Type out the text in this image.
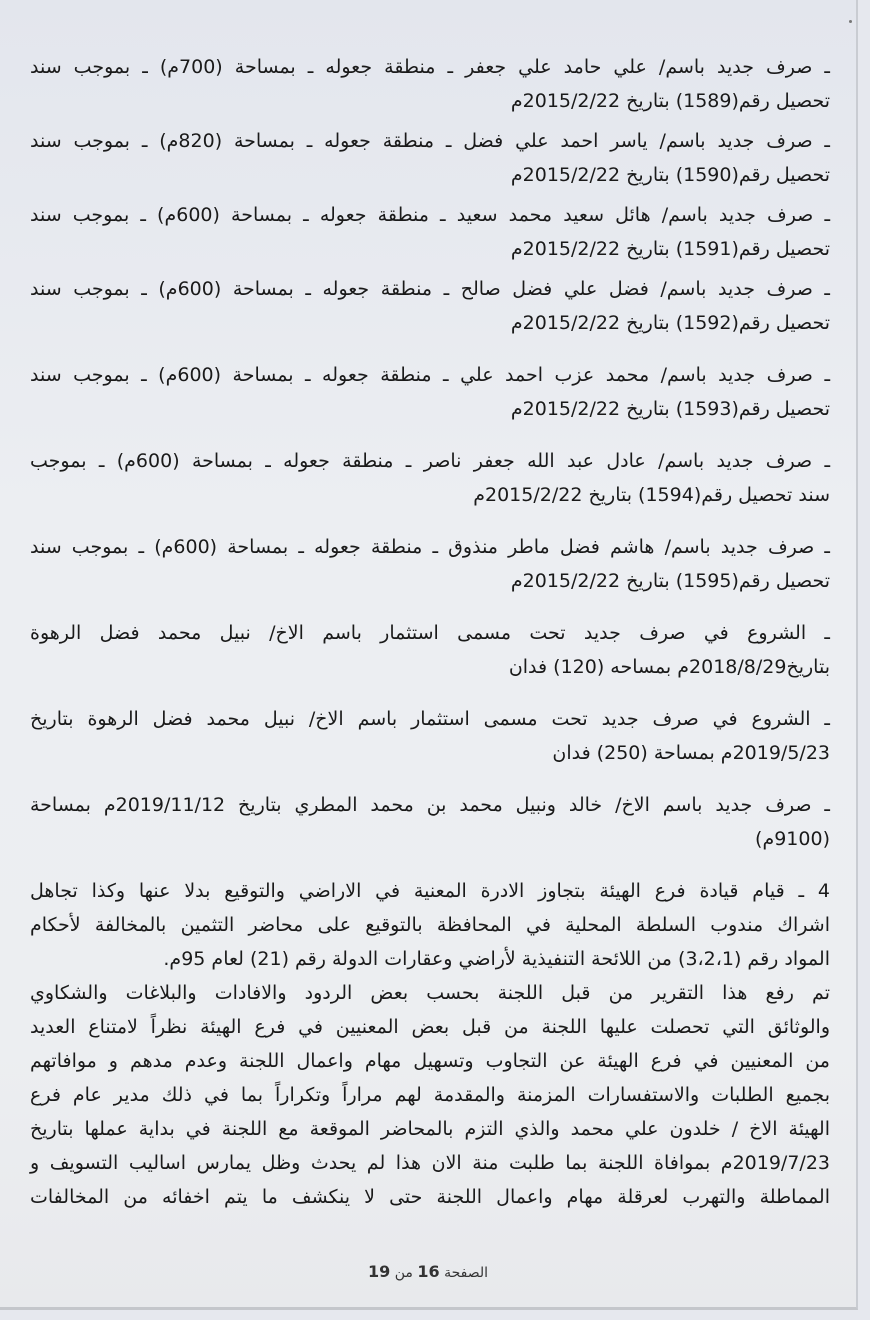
ـ صرف جديد باسم/ علي حامد علي جعفر ـ منطقة جعوله ـ بمساحة (700م) ـ بموجب سند
تحصيل رقم(1589) بتاريخ 2015/2/22م

ـ صرف جديد باسم/ ياسر احمد علي فضل ـ منطقة جعوله ـ بمساحة (820م) ـ بموجب سند
تحصيل رقم(1590) بتاريخ 2015/2/22م

ـ صرف جديد باسم/ هائل سعيد محمد سعيد ـ منطقة جعوله ـ بمساحة (600م) ـ بموجب سند
تحصيل رقم(1591) بتاريخ 2015/2/22م

ـ صرف جديد باسم/ فضل علي فضل صالح ـ منطقة جعوله ـ بمساحة (600م) ـ بموجب سند
تحصيل رقم(1592) بتاريخ 2015/2/22م

ـ صرف جديد باسم/ محمد عزب احمد علي ـ منطقة جعوله ـ بمساحة (600م) ـ بموجب سند
تحصيل رقم(1593) بتاريخ 2015/2/22م

ـ صرف جديد باسم/ عادل عبد الله جعفر ناصر ـ منطقة جعوله ـ بمساحة (600م) ـ بموجب
سند تحصيل رقم(1594) بتاريخ 2015/2/22م

ـ صرف جديد باسم/ هاشم فضل ماطر منذوق ـ منطقة جعوله ـ بمساحة (600م) ـ بموجب سند
تحصيل رقم(1595) بتاريخ 2015/2/22م

ـ الشروع في صرف جديد تحت مسمى استثمار باسم الاخ/ نبيل محمد فضل الرهوة
بتاريخ2018/8/29م بمساحه (120) فدان

ـ الشروع في صرف جديد تحت مسمى استثمار باسم الاخ/ نبيل محمد فضل الرهوة بتاريخ
2019/5/23م بمساحة (250) فدان

ـ صرف جديد باسم الاخ/ خالد ونبيل محمد بن محمد المطري بتاريخ 2019/11/12م بمساحة
(9100م)

4 ـ قيام قيادة فرع الهيئة بتجاوز الادرة المعنية في الاراضي والتوقيع بدلا عنها وكذا تجاهل
اشراك مندوب السلطة المحلية في المحافظة بالتوقيع على محاضر التثمين بالمخالفة لأحكام
المواد رقم (3،2،1) من اللائحة التنفيذية لأراضي وعقارات الدولة رقم (21) لعام 95م.

تم رفع هذا التقرير من قبل اللجنة بحسب بعض الردود والافادات والبلاغات والشكاوي
والوثائق التي تحصلت عليها اللجنة من قبل بعض المعنيين في فرع الهيئة نظراً لامتناع العديد
من المعنيين في فرع الهيئة عن التجاوب وتسهيل مهام واعمال اللجنة وعدم مدهم و موافاتهم
بجميع الطلبات والاستفسارات المزمنة والمقدمة لهم مراراً وتكراراً بما في ذلك مدير عام فرع
الهيئة الاخ / خلدون علي محمد والذي التزم بالمحاضر الموقعة مع اللجنة في بداية عملها بتاريخ
2019/7/23م بموافاة اللجنة بما طلبت منة الان هذا لم يحدث وظل يمارس اساليب التسويف و
المماطلة والتهرب لعرقلة مهام واعمال اللجنة حتى لا ينكشف ما يتم اخفائه من المخالفات

الصفحة 16 من 19
